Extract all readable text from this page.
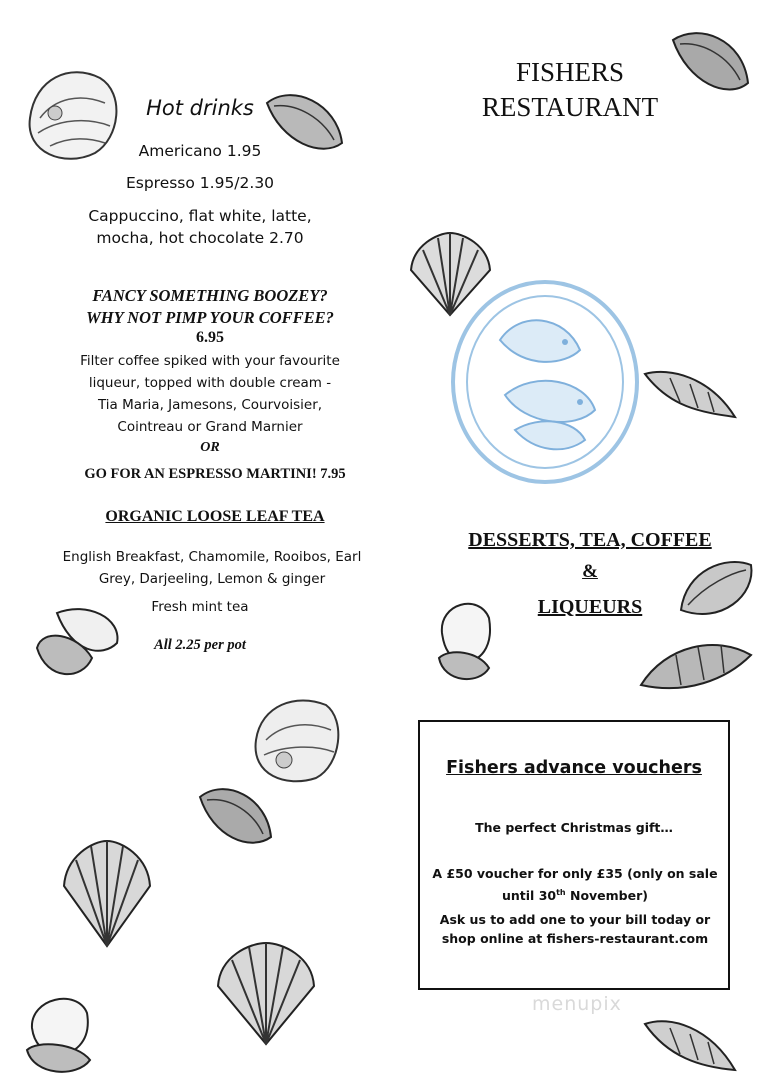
Hot drinks
Americano 1.95
Espresso 1.95/2.30
Cappuccino, flat white, latte,
mocha, hot chocolate 2.70
FANCY SOMETHING BOOZEY?
WHY NOT PIMP YOUR COFFEE?
6.95
Filter coffee spiked with your favourite
liqueur, topped with double cream -
Tia Maria, Jamesons, Courvoisier,
Cointreau or Grand Marnier
OR
GO FOR AN ESPRESSO MARTINI! 7.95
ORGANIC LOOSE LEAF TEA
English Breakfast, Chamomile, Rooibos, Earl
Grey, Darjeeling, Lemon & ginger
Fresh mint tea
All 2.25 per pot
FISHERS RESTAURANT
DESSERTS, TEA, COFFEE
&
LIQUEURS
Fishers advance vouchers
The perfect Christmas gift…
A £50 voucher for only £35 (only on sale
until 30th November)
Ask us to add one to your bill today or
shop online at fishers-restaurant.com
menupix
